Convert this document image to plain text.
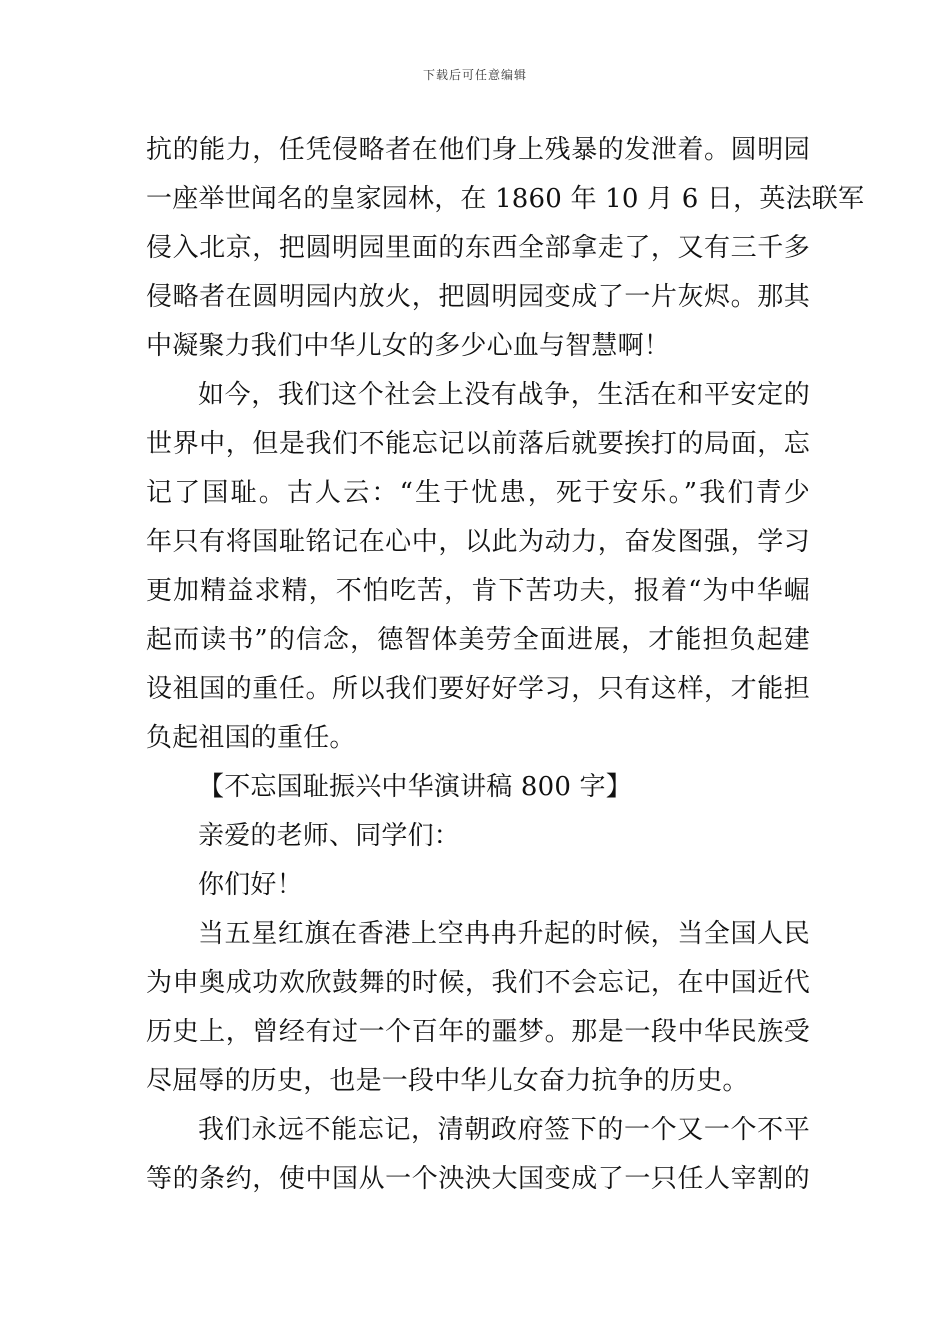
下载后可任意编辑
抗的能力，任凭侵略者在他们身上残暴的发泄着。圆明园
一座举世闻名的皇家园林，在 1860 年 10 月 6 日，英法联军
侵入北京，把圆明园里面的东西全部拿走了，又有三千多
侵略者在圆明园内放火，把圆明园变成了一片灰烬。那其
中凝聚力我们中华儿女的多少心血与智慧啊！
如今，我们这个社会上没有战争，生活在和平安定的
世界中，但是我们不能忘记以前落后就要挨打的局面，忘
记了国耻。古人云：“生于忧患，死于安乐。”我们青少
年只有将国耻铭记在心中，以此为动力，奋发图强，学习
更加精益求精，不怕吃苦，肯下苦功夫，报着“为中华崛
起而读书”的信念，德智体美劳全面进展，才能担负起建
设祖国的重任。所以我们要好好学习，只有这样，才能担
负起祖国的重任。
【不忘国耻振兴中华演讲稿 800 字】
亲爱的老师、同学们：
你们好！
当五星红旗在香港上空冉冉升起的时候，当全国人民
为申奥成功欢欣鼓舞的时候，我们不会忘记，在中国近代
历史上，曾经有过一个百年的噩梦。那是一段中华民族受
尽屈辱的历史，也是一段中华儿女奋力抗争的历史。
我们永远不能忘记，清朝政府签下的一个又一个不平
等的条约，使中国从一个泱泱大国变成了一只任人宰割的
